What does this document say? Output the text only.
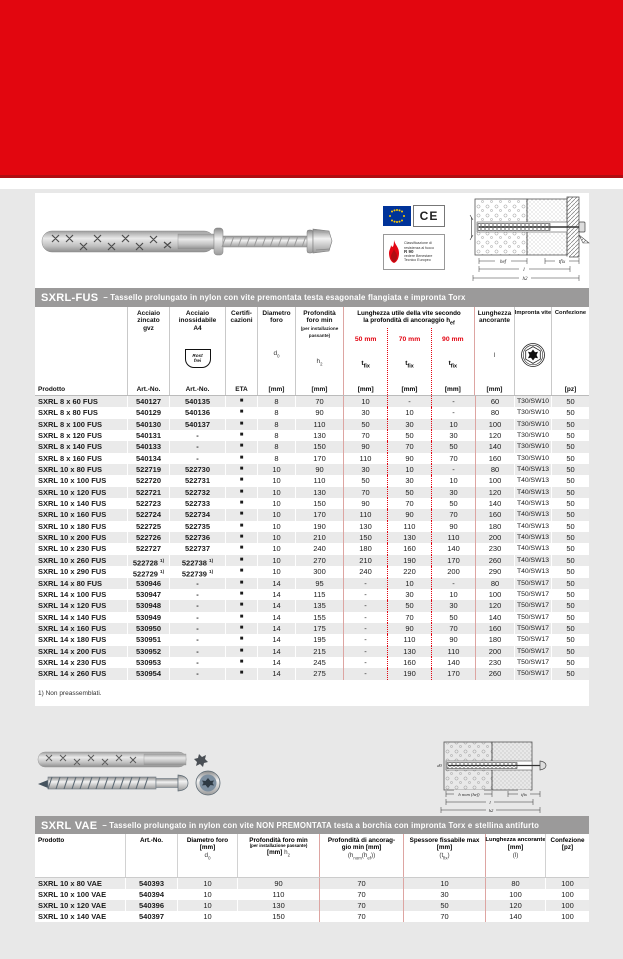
CE
Classificazione di
resistenza al fuoco
R 90
vedere Benestare
Tecnico Europeo	hef	tfix
l
h2
SXRL-FUS – Tassello prolungato in nylon con vite premontata testa esagonale flangiata e impronta Torx
Prodotto
Acciaio
zincato
gvz
Art.-No.
Acciaio
inossidabile
A4
Rost
frei
Art.-No.
Certifi-
cazioni
ETA
Diametro
foro
$d_0$
[mm]
Profondità
foro min
(per installazione
passante)
$h_2$
[mm]
Lunghezza utile della vite secondo
la profondità di ancoraggio $h_{ef}$
50 mm
$t_{fix}$
[mm]
70 mm
$t_{fix}$
[mm]
90 mm
$t_{fix}$
[mm]
Lunghezza
ancorante
l
[mm]
Impronta vite Confezione
[pz]
SXRL 8 x 60 FUS	540127	540135	■	8	70	10	-	-	60	T30/SW10	50
SXRL 8 x 80 FUS	540129	540136	■	8	90	30	10	-	80	T30/SW10	50
SXRL 8 x 100 FUS	540130	540137	■	8	110	50	30	10	100	T30/SW10	50
SXRL 8 x 120 FUS	540131	-	■	8	130	70	50	30	120	T30/SW10	50
SXRL 8 x 140 FUS	540133	-	■	8	150	90	70	50	140	T30/SW10	50
SXRL 8 x 160 FUS	540134	-	■	8	170	110	90	70	160	T30/SW10	50
SXRL 10 x 80 FUS	522719	522730	■	10	90	30	10	-	80	T40/SW13	50
SXRL 10 x 100 FUS	522720	522731	■	10	110	50	30	10	100	T40/SW13	50
SXRL 10 x 120 FUS	522721	522732	■	10	130	70	50	30	120	T40/SW13	50
SXRL 10 x 140 FUS	522723	522733	■	10	150	90	70	50	140	T40/SW13	50
SXRL 10 x 160 FUS	522724	522734	■	10	170	110	90	70	160	T40/SW13	50
SXRL 10 x 180 FUS	522725	522735	■	10	190	130	110	90	180	T40/SW13	50
SXRL 10 x 200 FUS	522726	522736	■	10	210	150	130	110	200	T40/SW13	50
SXRL 10 x 230 FUS	522727	522737	■	10	240	180	160	140	230	T40/SW13	50
SXRL 10 x 260 FUS	522728 $^{1)}$	522738 $^{1)}$	■	10	270	210	190	170	260	T40/SW13	50
SXRL 10 x 290 FUS	522729 $^{1)}$	522739 $^{1)}$	■	10	300	240	220	200	290	T40/SW13	50
SXRL 14 x 80 FUS	530946	-	■	14	95	-	10	-	80	T50/SW17	50
SXRL 14 x 100 FUS	530947	-	■	14	115	-	30	10	100	T50/SW17	50
SXRL 14 x 120 FUS	530948	-	■	14	135	-	50	30	120	T50/SW17	50
SXRL 14 x 140 FUS	530949	-	■	14	155	-	70	50	140	T50/SW17	50
SXRL 14 x 160 FUS	530950	-	■	14	175	-	90	70	160	T50/SW17	50
SXRL 14 x 180 FUS	530951	-	■	14	195	-	110	90	180	T50/SW17	50
SXRL 14 x 200 FUS	530952	-	■	14	215	-	130	110	200	T50/SW17	50
SXRL 14 x 230 FUS	530953	-	■	14	245	-	160	140	230	T50/SW17	50
SXRL 14 x 260 FUS	530954	-	■	14	275	-	190	170	260	T50/SW17	50
1) Non preassemblati.
d0
h nom (hef)	tfix
l
h2
SXRL VAE – Tassello prolungato in nylon con vite NON PREMONTATA testa a borchia con impronta Torx e stellina antifurto
Prodotto	Art.-No.	Diametro foro
[mm]
$d_0$
Profondità foro min
(per installazione passante)
[mm] $h_2$
Profondità di ancorag-
gio min [mm]
$(h_{nom}(h_{ef}))$
Spessore fissabile max
[mm]
$(t_{fix})$
Lunghezza ancorante
[mm]
(l)
Confezione
[pz]
SXRL 10 x 80 VAE	540393	10	90	70	10	80	100
SXRL 10 x 100 VAE	540394	10	110	70	30	100	100
SXRL 10 x 120 VAE	540396	10	130	70	50	120	100
SXRL 10 x 140 VAE	540397	10	150	70	70	140	100
